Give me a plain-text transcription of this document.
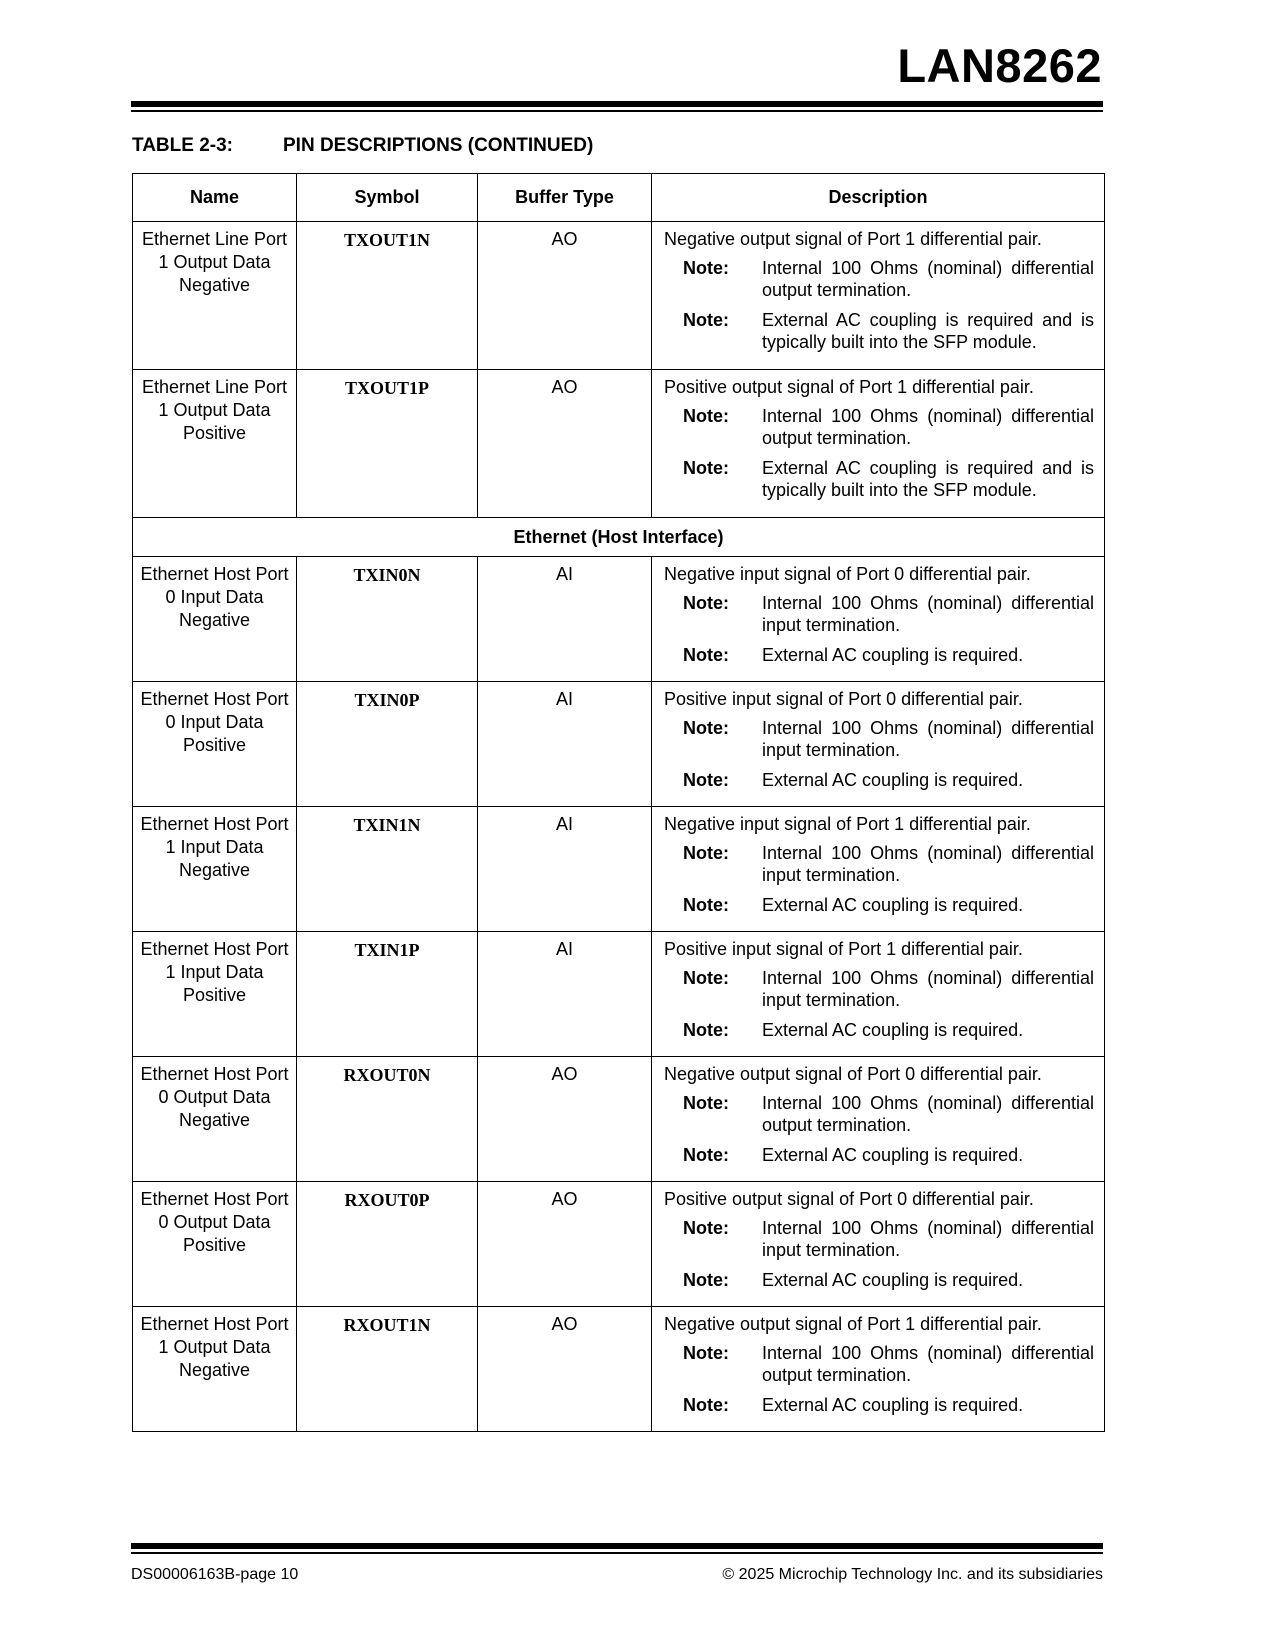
LAN8262
TABLE 2-3:	PIN DESCRIPTIONS (CONTINUED)
Name	Symbol	Buffer Type	Description
Ethernet Line Port 1 Output Data Negative	TXOUT1N	AO	Negative output signal of Port 1 differential pair.
Note: Internal 100 Ohms (nominal) differential output termination.
Note: External AC coupling is required and is typically built into the SFP module.

Ethernet Line Port 1 Output Data Positive	TXOUT1P	AO	Positive output signal of Port 1 differential pair.
Note: Internal 100 Ohms (nominal) differential output termination.
Note: External AC coupling is required and is typically built into the SFP module.

Ethernet (Host Interface)			
Ethernet Host Port 0 Input Data Negative	TXIN0N	AI	Negative input signal of Port 0 differential pair.
Note: Internal 100 Ohms (nominal) differential input termination.
Note: External AC coupling is required.

Ethernet Host Port 0 Input Data Positive	TXIN0P	AI	Positive input signal of Port 0 differential pair.
Note: Internal 100 Ohms (nominal) differential input termination.
Note: External AC coupling is required.

Ethernet Host Port 1 Input Data Negative	TXIN1N	AI	Negative input signal of Port 1 differential pair.
Note: Internal 100 Ohms (nominal) differential input termination.
Note: External AC coupling is required.

Ethernet Host Port 1 Input Data Positive	TXIN1P	AI	Positive input signal of Port 1 differential pair.
Note: Internal 100 Ohms (nominal) differential input termination.
Note: External AC coupling is required.

Ethernet Host Port 0 Output Data Negative	RXOUT0N	AO	Negative output signal of Port 0 differential pair.
Note: Internal 100 Ohms (nominal) differential output termination.
Note: External AC coupling is required.

Ethernet Host Port 0 Output Data Positive	RXOUT0P	AO	Positive output signal of Port 0 differential pair.
Note: Internal 100 Ohms (nominal) differential input termination.
Note: External AC coupling is required.

Ethernet Host Port 1 Output Data Negative	RXOUT1N	AO	Negative output signal of Port 1 differential pair.
Note: Internal 100 Ohms (nominal) differential output termination.
Note: External AC coupling is required.
DS00006163B-page 10	© 2025 Microchip Technology Inc. and its subsidiaries
